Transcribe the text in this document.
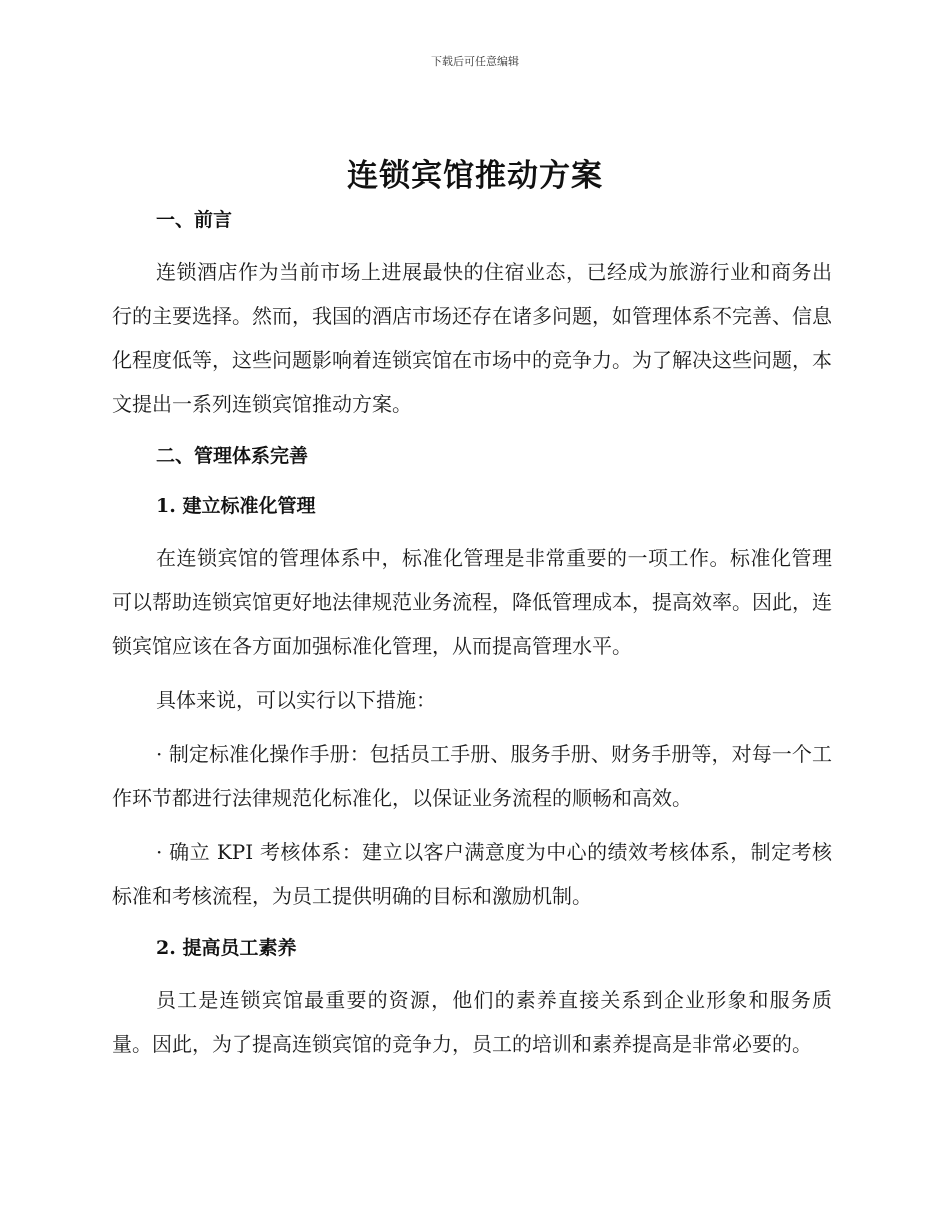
下载后可任意编辑
连锁宾馆推动方案

一、前言

连锁酒店作为当前市场上进展最快的住宿业态，已经成为旅游行业和商务出行的主要选择。然而，我国的酒店市场还存在诸多问题，如管理体系不完善、信息化程度低等，这些问题影响着连锁宾馆在市场中的竞争力。为了解决这些问题，本文提出一系列连锁宾馆推动方案。

二、管理体系完善

1. 建立标准化管理

在连锁宾馆的管理体系中，标准化管理是非常重要的一项工作。标准化管理可以帮助连锁宾馆更好地法律规范业务流程，降低管理成本，提高效率。因此，连锁宾馆应该在各方面加强标准化管理，从而提高管理水平。

具体来说，可以实行以下措施：

· 制定标准化操作手册：包括员工手册、服务手册、财务手册等，对每一个工作环节都进行法律规范化标准化，以保证业务流程的顺畅和高效。

· 确立 KPI 考核体系：建立以客户满意度为中心的绩效考核体系，制定考核标准和考核流程，为员工提供明确的目标和激励机制。

2. 提高员工素养

员工是连锁宾馆最重要的资源，他们的素养直接关系到企业形象和服务质量。因此，为了提高连锁宾馆的竞争力，员工的培训和素养提高是非常必要的。
